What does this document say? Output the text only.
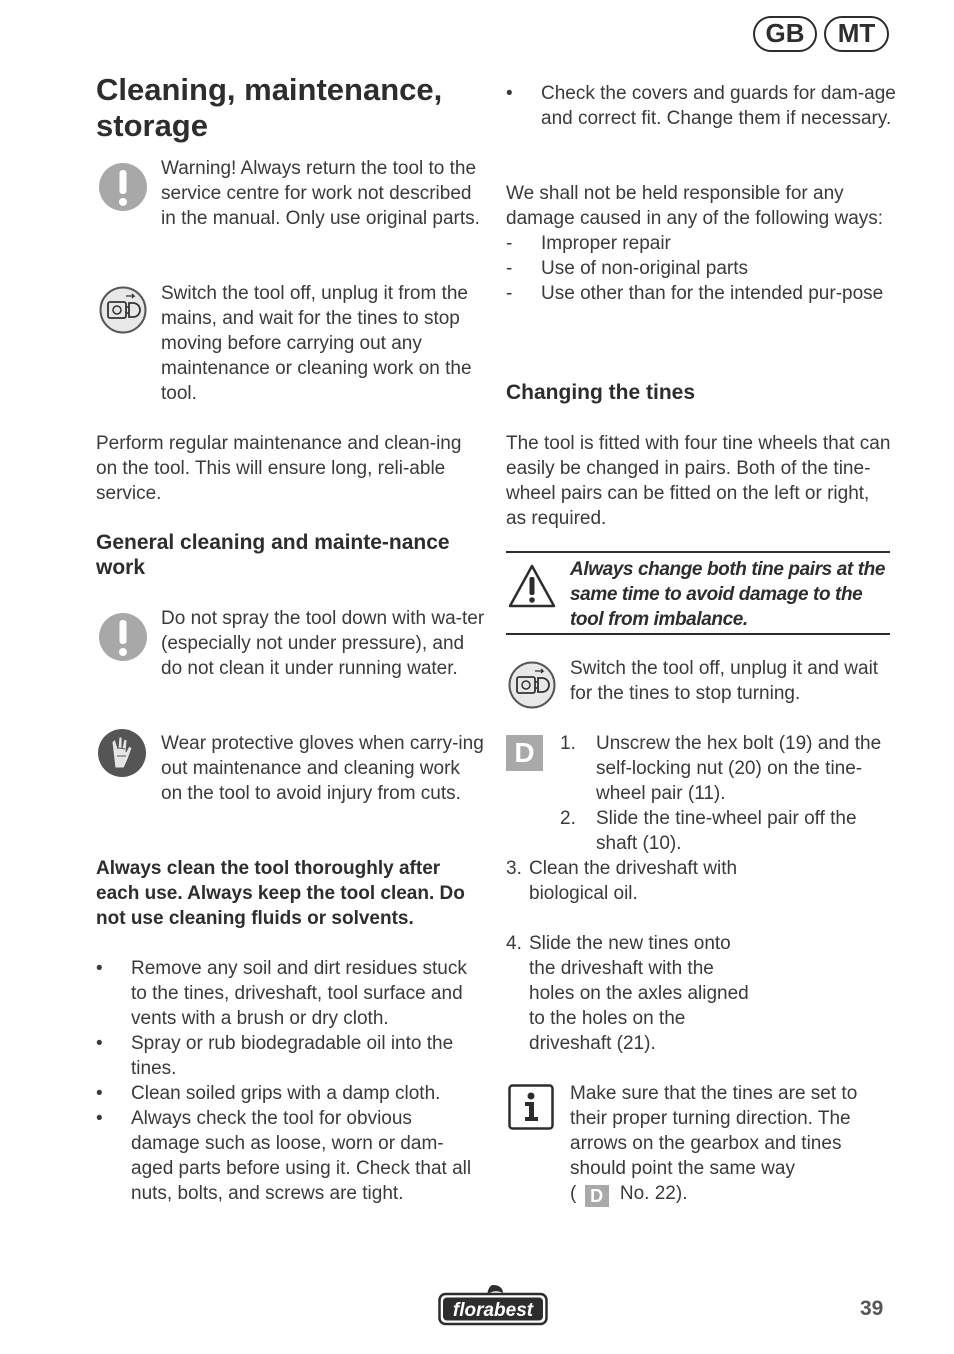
GB	MT
Cleaning, maintenance, storage
Warning! Always return the tool to the service centre for work not described in the manual. Only use original parts.
Switch the tool off, unplug it from the mains, and wait for the tines to stop moving before carrying out any maintenance or cleaning work on the tool.
Perform regular maintenance and clean-ing on the tool. This will ensure long, reli-able service.
General cleaning and mainte-nance work
Do not spray the tool down with wa-ter (especially not under pressure), and do not clean it under running water.
Wear protective gloves when carry-ing out maintenance and cleaning work on the tool to avoid injury from cuts.
Always clean the tool thoroughly after each use. Always keep the tool clean. Do not use cleaning fluids or solvents.
• Remove any soil and dirt residues stuck to the tines, driveshaft, tool surface and vents with a brush or dry cloth.
• Spray or rub biodegradable oil into the tines.
• Clean soiled grips with a damp cloth.
• Always check the tool for obvious damage such as loose, worn or dam-aged parts before using it. Check that all nuts, bolts, and screws are tight.
• Check the covers and guards for dam-age and correct fit. Change them if necessary.
We shall not be held responsible for any damage caused in any of the following ways:
- Improper repair
- Use of non-original parts
- Use other than for the intended pur-pose
Changing the tines
The tool is fitted with four tine wheels that can easily be changed in pairs. Both of the tine-wheel pairs can be fitted on the left or right, as required.
Always change both tine pairs at the same time to avoid damage to the tool from imbalance.
Switch the tool off, unplug it and wait for the tines to stop turning.
D	1. Unscrew the hex bolt (19) and the self-locking nut (20) on the tine-wheel pair (11).
2. Slide the tine-wheel pair off the shaft (10).
3. Clean the driveshaft with biological oil.
4. Slide the new tines onto the driveshaft with the holes on the axles aligned to the holes on the driveshaft (21).
Make sure that the tines are set to their proper turning direction. The arrows on the gearbox and tines should point the same way
( D No. 22).
florabest	39
